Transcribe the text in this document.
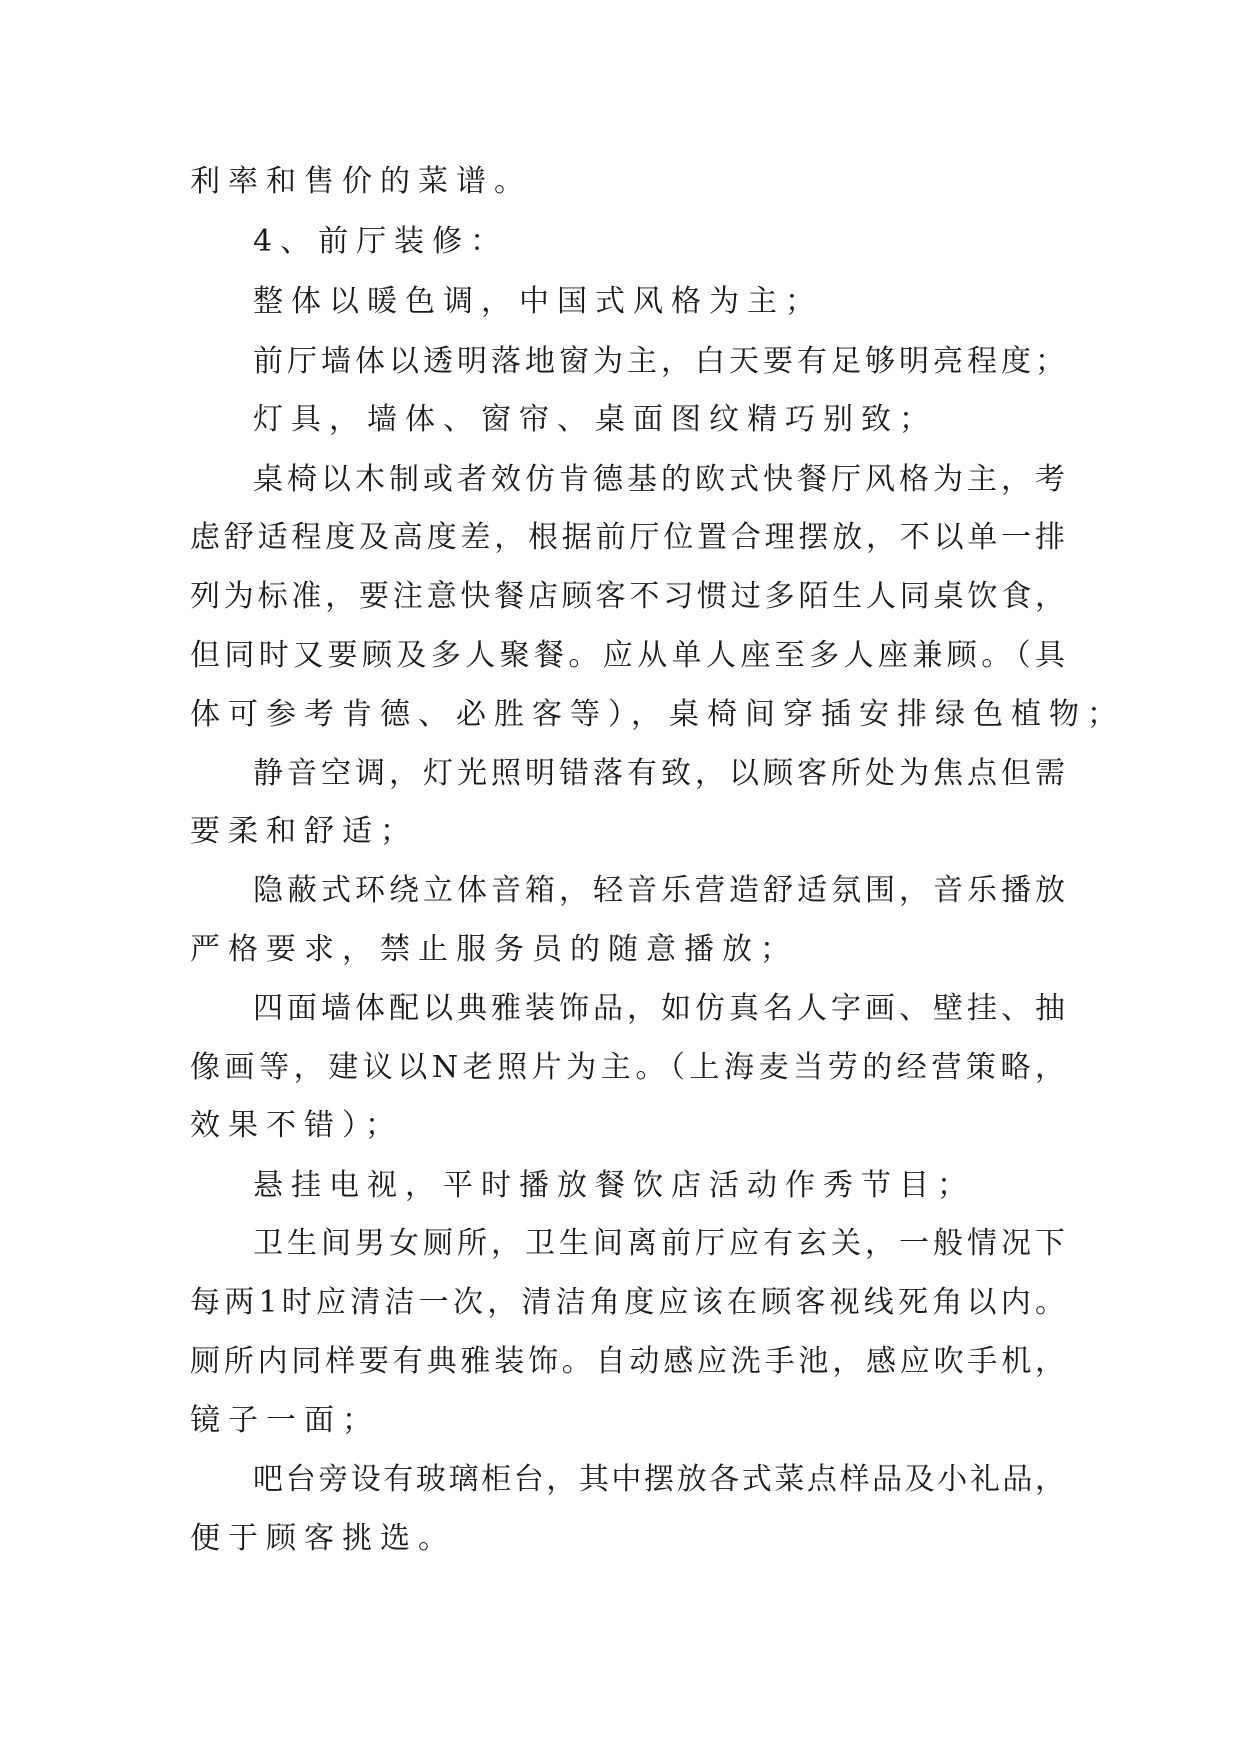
利率和售价的菜谱。
4、前厅装修：
整体以暖色调，中国式风格为主；
前厅墙体以透明落地窗为主，白天要有足够明亮程度；
灯具，墙体、窗帘、桌面图纹精巧别致；
桌椅以木制或者效仿肯德基的欧式快餐厅风格为主，考
虑舒适程度及高度差，根据前厅位置合理摆放，不以单一排
列为标准，要注意快餐店顾客不习惯过多陌生人同桌饮食，
但同时又要顾及多人聚餐。应从单人座至多人座兼顾。（具
体可参考肯德、必胜客等），桌椅间穿插安排绿色植物；
静音空调，灯光照明错落有致，以顾客所处为焦点但需
要柔和舒适；
隐蔽式环绕立体音箱，轻音乐营造舒适氛围，音乐播放
严格要求，禁止服务员的随意播放；
四面墙体配以典雅装饰品，如仿真名人字画、壁挂、抽
像画等，建议以N老照片为主。（上海麦当劳的经营策略，
效果不错）；
悬挂电视，平时播放餐饮店活动作秀节目；
卫生间男女厕所，卫生间离前厅应有玄关，一般情况下
每两1时应清洁一次，清洁角度应该在顾客视线死角以内。
厕所内同样要有典雅装饰。自动感应洗手池，感应吹手机，
镜子一面；
吧台旁设有玻璃柜台，其中摆放各式菜点样品及小礼品，
便于顾客挑选。
